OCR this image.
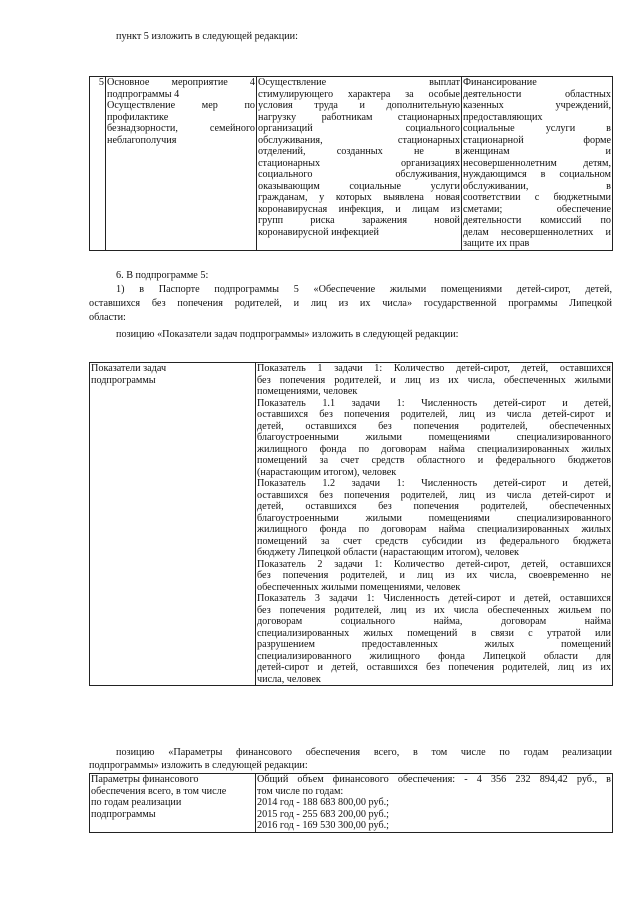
пункт 5 изложить в следующей редакции:
5	Основное мероприятие 4
подпрограммы 4
Осуществление мер по
профилактике
безнадзорности, семейного
неблагополучия

Осуществление выплат
стимулирующего характера за особые
условия труда и дополнительную
нагрузку работникам стационарных
организаций социального
обслуживания, стационарных
отделений, созданных не в
стационарных организациях
социального обслуживания,
оказывающим социальные услуги
гражданам, у которых выявлена новая
коронавирусная инфекция, и лицам из
групп риска заражения новой
коронавирусной инфекцией

Финансирование
деятельности областных
казенных учреждений,
предоставляющих
социальные услуги в
стационарной форме
женщинам и
несовершеннолетним детям,
нуждающимся в социальном
обслуживании, в
соответствии с бюджетными
сметами; обеспечение
деятельности комиссий по
делам несовершеннолетних и
защите их прав
6. В подпрограмме 5:
1) в Паспорте подпрограммы 5 «Обеспечение жилыми помещениями детей-сирот, детей,
оставшихся без попечения родителей, и лиц из их числа» государственной программы Липецкой
области:
позицию «Показатели задач подпрограммы» изложить в следующей редакции:
Показатели задач
подпрограммы

Показатель 1 задачи 1: Количество детей-сирот, детей, оставшихся
без попечения родителей, и лиц из их числа, обеспеченных жилыми
помещениями, человек
Показатель 1.1 задачи 1: Численность детей-сирот и детей,
оставшихся без попечения родителей, лиц из числа детей-сирот и
детей, оставшихся без попечения родителей, обеспеченных
благоустроенными жилыми помещениями специализированного
жилищного фонда по договорам найма специализированных жилых
помещений за счет средств областного и федерального бюджетов
(нарастающим итогом), человек
Показатель 1.2 задачи 1: Численность детей-сирот и детей,
оставшихся без попечения родителей, лиц из числа детей-сирот и
детей, оставшихся без попечения родителей, обеспеченных
благоустроенными жилыми помещениями специализированного
жилищного фонда по договорам найма специализированных жилых
помещений за счет средств субсидии из федерального бюджета
бюджету Липецкой области (нарастающим итогом), человек
Показатель 2 задачи 1: Количество детей-сирот, детей, оставшихся
без попечения родителей, и лиц из их числа, своевременно не
обеспеченных жилыми помещениями, человек
Показатель 3 задачи 1: Численность детей-сирот и детей, оставшихся
без попечения родителей, лиц из их числа обеспеченных жильем по
договорам социального найма, договорам найма
специализированных жилых помещений в связи с утратой или
разрушением предоставленных жилых помещений
специализированного жилищного фонда Липецкой области для
детей-сирот и детей, оставшихся без попечения родителей, лиц из их
числа, человек
позицию «Параметры финансового обеспечения всего, в том числе по годам реализации
подпрограммы» изложить в следующей редакции:
Параметры финансового
обеспечения всего, в том числе
по годам реализации
подпрограммы

Общий объем финансового обеспечения: - 4 356 232 894,42 руб., в
том числе по годам:
2014 год - 188 683 800,00 руб.;
2015 год - 255 683 200,00 руб.;
2016 год - 169 530 300,00 руб.;
